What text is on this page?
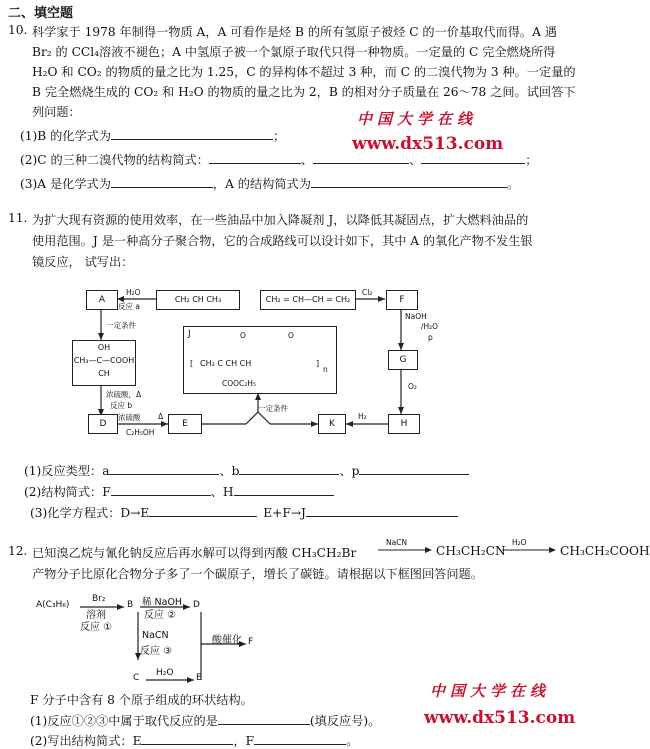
二、填空题
10. 科学家于 1978 年制得一物质 A，A 可看作是烃 B 的所有氢原子被烃 C 的一价基取代而得。A 遇
Br₂ 的 CCl₄溶液不褪色；A 中氢原子被一个氯原子取代只得一种物质。一定量的 C 完全燃烧所得
H₂O 和 CO₂ 的物质的量之比为 1.25，C 的异构体不超过 3 种，而 C 的二溴代物为 3 种。一定量的
B 完全燃烧生成的 CO₂ 和 H₂O 的物质的量之比为 2，B 的相对分子质量在 26～78 之间。试回答下
列问题：
(1)B 的化学式为	；
(2)C 的三种二溴代物的结构简式：	、	、	；
(3)A 是化学式为	，A 的结构简式为	。
中国大学在线
www.dx513.com
11. 为扩大现有资源的使用效率，在一些油品中加入降凝剂 J，以降低其凝固点，扩大燃料油品的
使用范围。J 是一种高分子聚合物，它的合成路线可以设计如下，其中 A 的氧化产物不发生银
镜反应， 试写出：
A	CH₂ CH CH₃
H₂O
反应 a
一定条件
OH
CH₃—C—COOH
CH
浓硫酸，Δ
反应 b
D
浓硫酸 Δ
C₂H₅OH
E
J	O	O
[ CH₂ C CH CH	]
n
COOC₂H₅
一定条件
K
H₂
H
CH₂ = CH—CH = CH₂
Cl₂
F
NaOH
/H₂O
p
G
O₂
(1)反应类型：a	、b	、p
(2)结构简式：F	、H
(3)化学方程式：D→E	E+F→J
12. 已知溴乙烷与氰化钠反应后再水解可以得到丙酸 CH₃CH₂Br
NaCN
CH₃CH₂CN
H₂O
CH₃CH₂COOH
产物分子比原化合物分子多了一个碳原子，增长了碳链。请根据以下框图回答问题。
A(C₃H₆)
Br₂
溶剂
反应 ①
B 稀 NaOH
反应 ②
D
NaCN
反应 ③
C H₂O	E
酸催化 F
F 分子中含有 8 个原子组成的环状结构。
(1)反应①②③中属于取代反应的是	(填反应号)。
(2)写出结构简式：E	，F	。
中国大学在线
www.dx513.com
